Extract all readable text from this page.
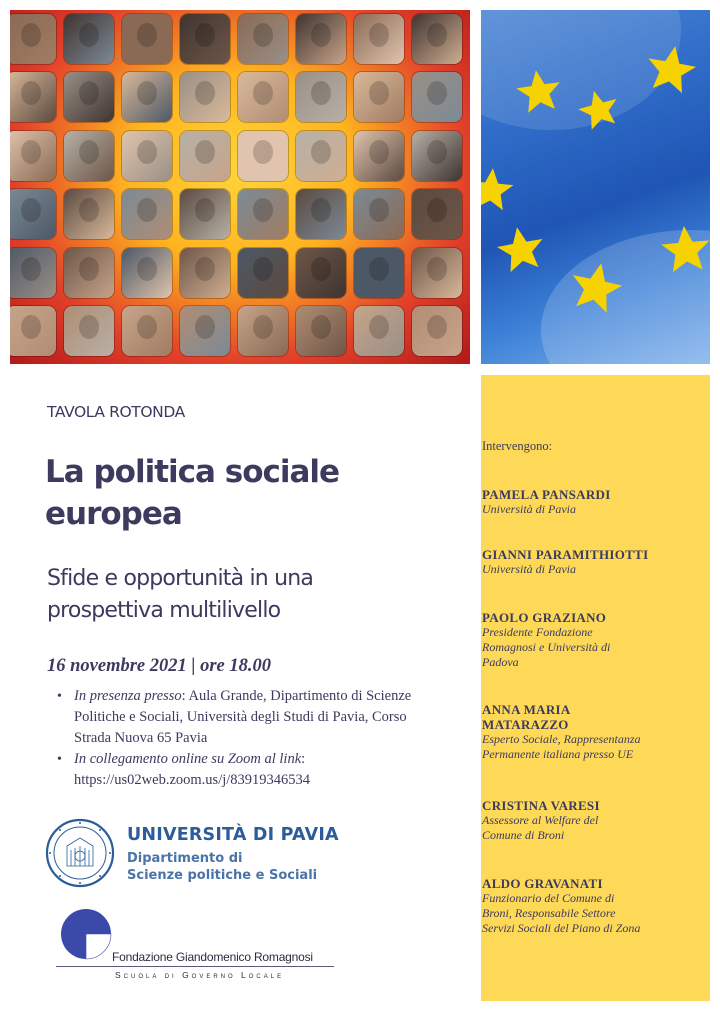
TAVOLA ROTONDA
La politica sociale
europea
Sfide e opportunità in una
prospettiva multilivello
16 novembre 2021 | ore 18.00
• In presenza presso: Aula Grande, Dipartimento di Scienze Politiche e Sociali, Università degli Studi di Pavia, Corso Strada Nuova 65 Pavia
• In collegamento online su Zoom al link:
https://us02web.zoom.us/j/83919346534
UNIVERSITÀ DI PAVIA
Dipartimento di
Scienze politiche e Sociali
Fondazione Giandomenico Romagnosi
Scuola di Governo Locale
Intervengono:
PAMELA PANSARDI
Università di Pavia
GIANNI PARAMITHIOTTI
Università di Pavia
PAOLO GRAZIANO
Presidente Fondazione
Romagnosi e Università di
Padova
ANNA MARIA
MATARAZZO
Esperto Sociale, Rappresentanza
Permanente italiana presso UE
CRISTINA VARESI
Assessore al Welfare del
Comune di Broni
ALDO GRAVANATI
Funzionario del Comune di
Broni, Responsabile Settore
Servizi Sociali del Piano di Zona
